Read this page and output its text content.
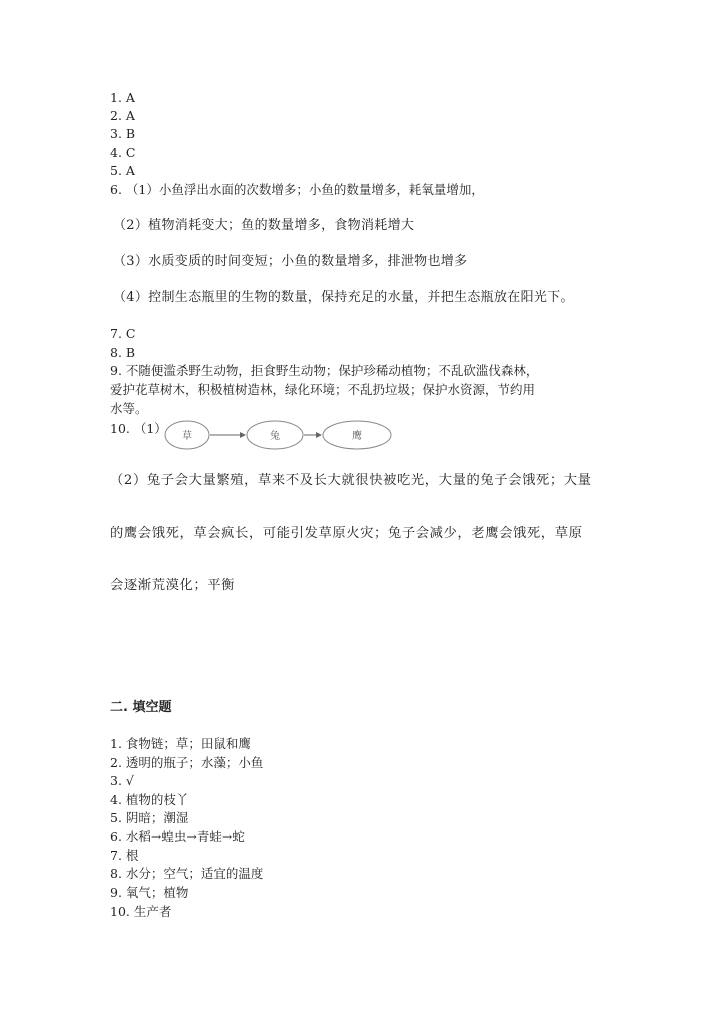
1. A
2. A
3. B
4. C
5. A
6. （1）小鱼浮出水面的次数增多；小鱼的数量增多，耗氧量增加，
（2）植物消耗变大；鱼的数量增多，食物消耗增大
（3）水质变质的时间变短；小鱼的数量增多，排泄物也增多
（4）控制生态瓶里的生物的数量，保持充足的水量，并把生态瓶放在阳光下。
7. C
8. B
9. 不随便滥杀野生动物，拒食野生动物；保护珍稀动植物；不乱砍滥伐森林，
爱护花草树木，积极植树造林，绿化环境；不乱扔垃圾；保护水资源，节约用
水等。
10. （1）
草	兔	鹰
（2）兔子会大量繁殖，草来不及长大就很快被吃光，大量的兔子会饿死；大量
的鹰会饿死，草会疯长，可能引发草原火灾；兔子会减少，老鹰会饿死，草原
会逐渐荒漠化；平衡
二. 填空题
1. 食物链；草；田鼠和鹰
2. 透明的瓶子；水藻；小鱼
3. √
4. 植物的枝丫
5. 阴暗；潮湿
6. 水稻→蝗虫→青蛙→蛇
7. 根
8. 水分；空气；适宜的温度
9. 氧气；植物
10. 生产者
